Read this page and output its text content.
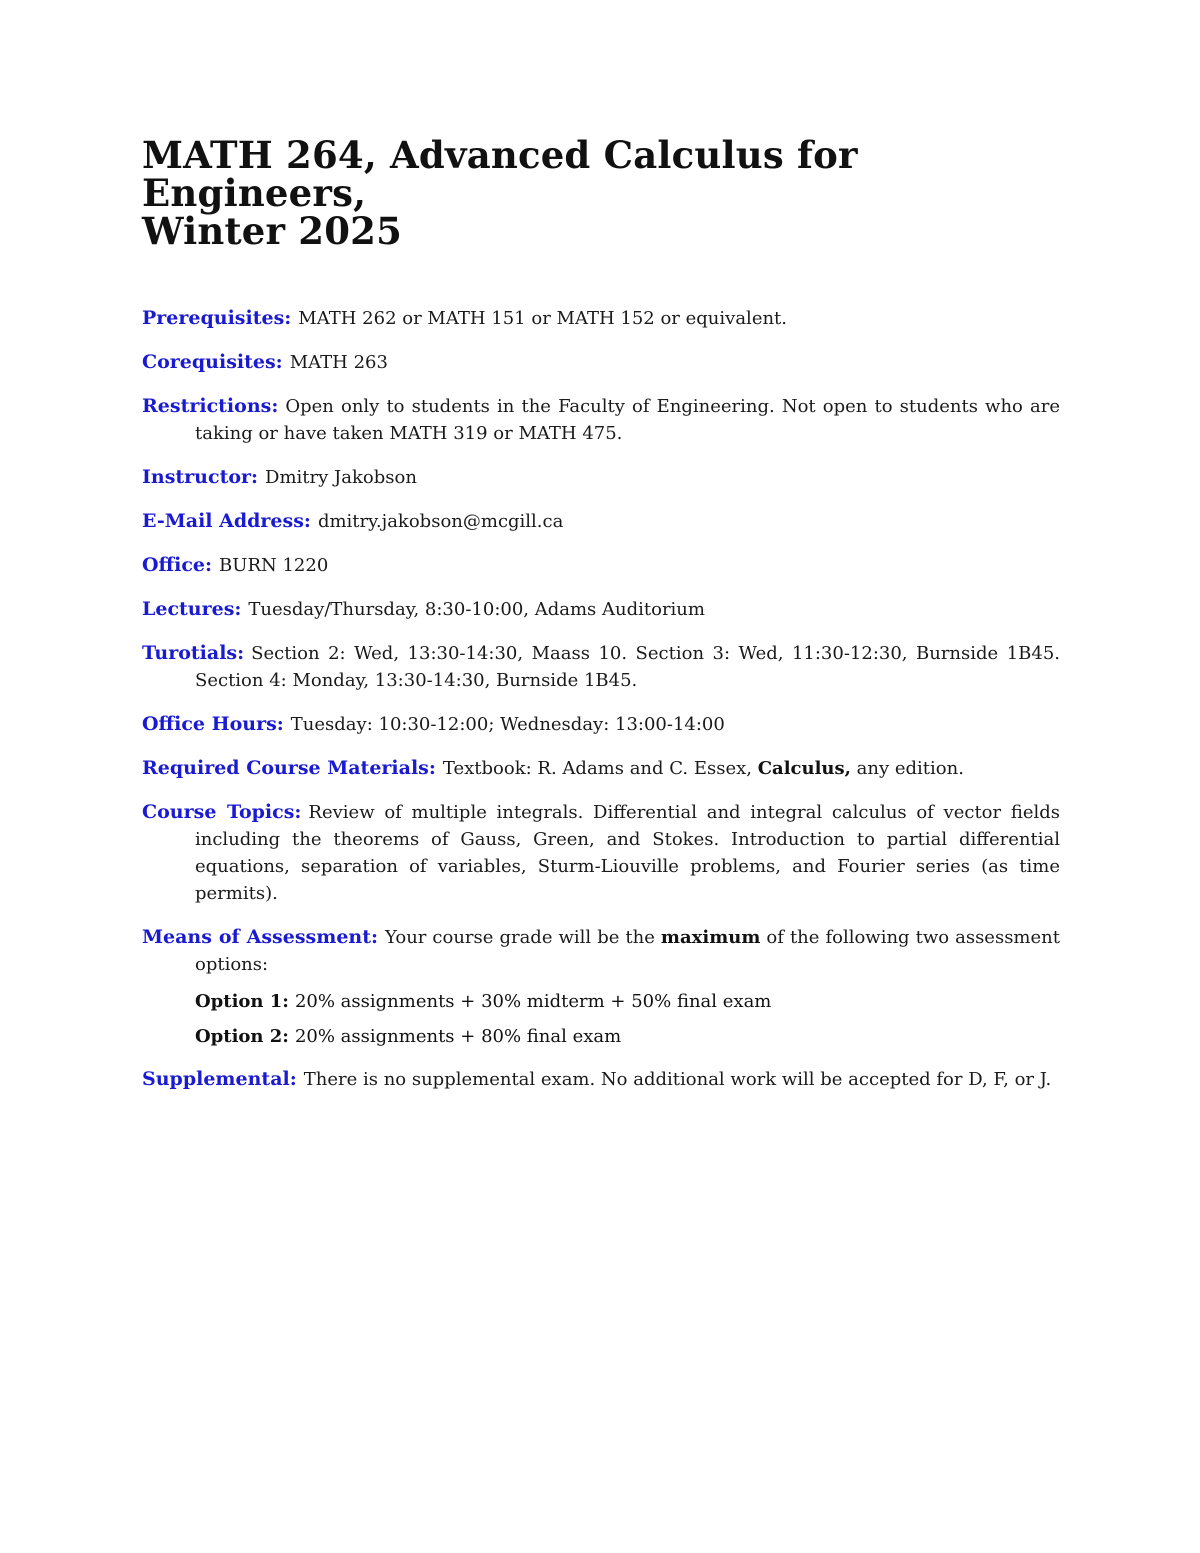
MATH 264, Advanced Calculus for Engineers,
Winter 2025

Prerequisites: MATH 262 or MATH 151 or MATH 152 or equivalent.

Corequisites: MATH 263

Restrictions: Open only to students in the Faculty of Engineering. Not open to students who are taking or have taken MATH 319 or MATH 475.

Instructor: Dmitry Jakobson

E-Mail Address: dmitry.jakobson@mcgill.ca

Office: BURN 1220

Lectures: Tuesday/Thursday, 8:30-10:00, Adams Auditorium

Turotials: Section 2: Wed, 13:30-14:30, Maass 10. Section 3: Wed, 11:30-12:30, Burnside 1B45. Section 4: Monday, 13:30-14:30, Burnside 1B45.

Office Hours: Tuesday: 10:30-12:00; Wednesday: 13:00-14:00

Required Course Materials: Textbook: R. Adams and C. Essex, Calculus, any edition.

Course Topics: Review of multiple integrals. Differential and integral calculus of vector fields including the theorems of Gauss, Green, and Stokes. Introduction to partial differential equations, separation of variables, Sturm-Liouville problems, and Fourier series (as time permits).

Means of Assessment: Your course grade will be the maximum of the following two assessment options:

Option 1: 20% assignments + 30% midterm + 50% final exam
Option 2: 20% assignments + 80% final exam

Supplemental: There is no supplemental exam. No additional work will be accepted for D, F, or J.
